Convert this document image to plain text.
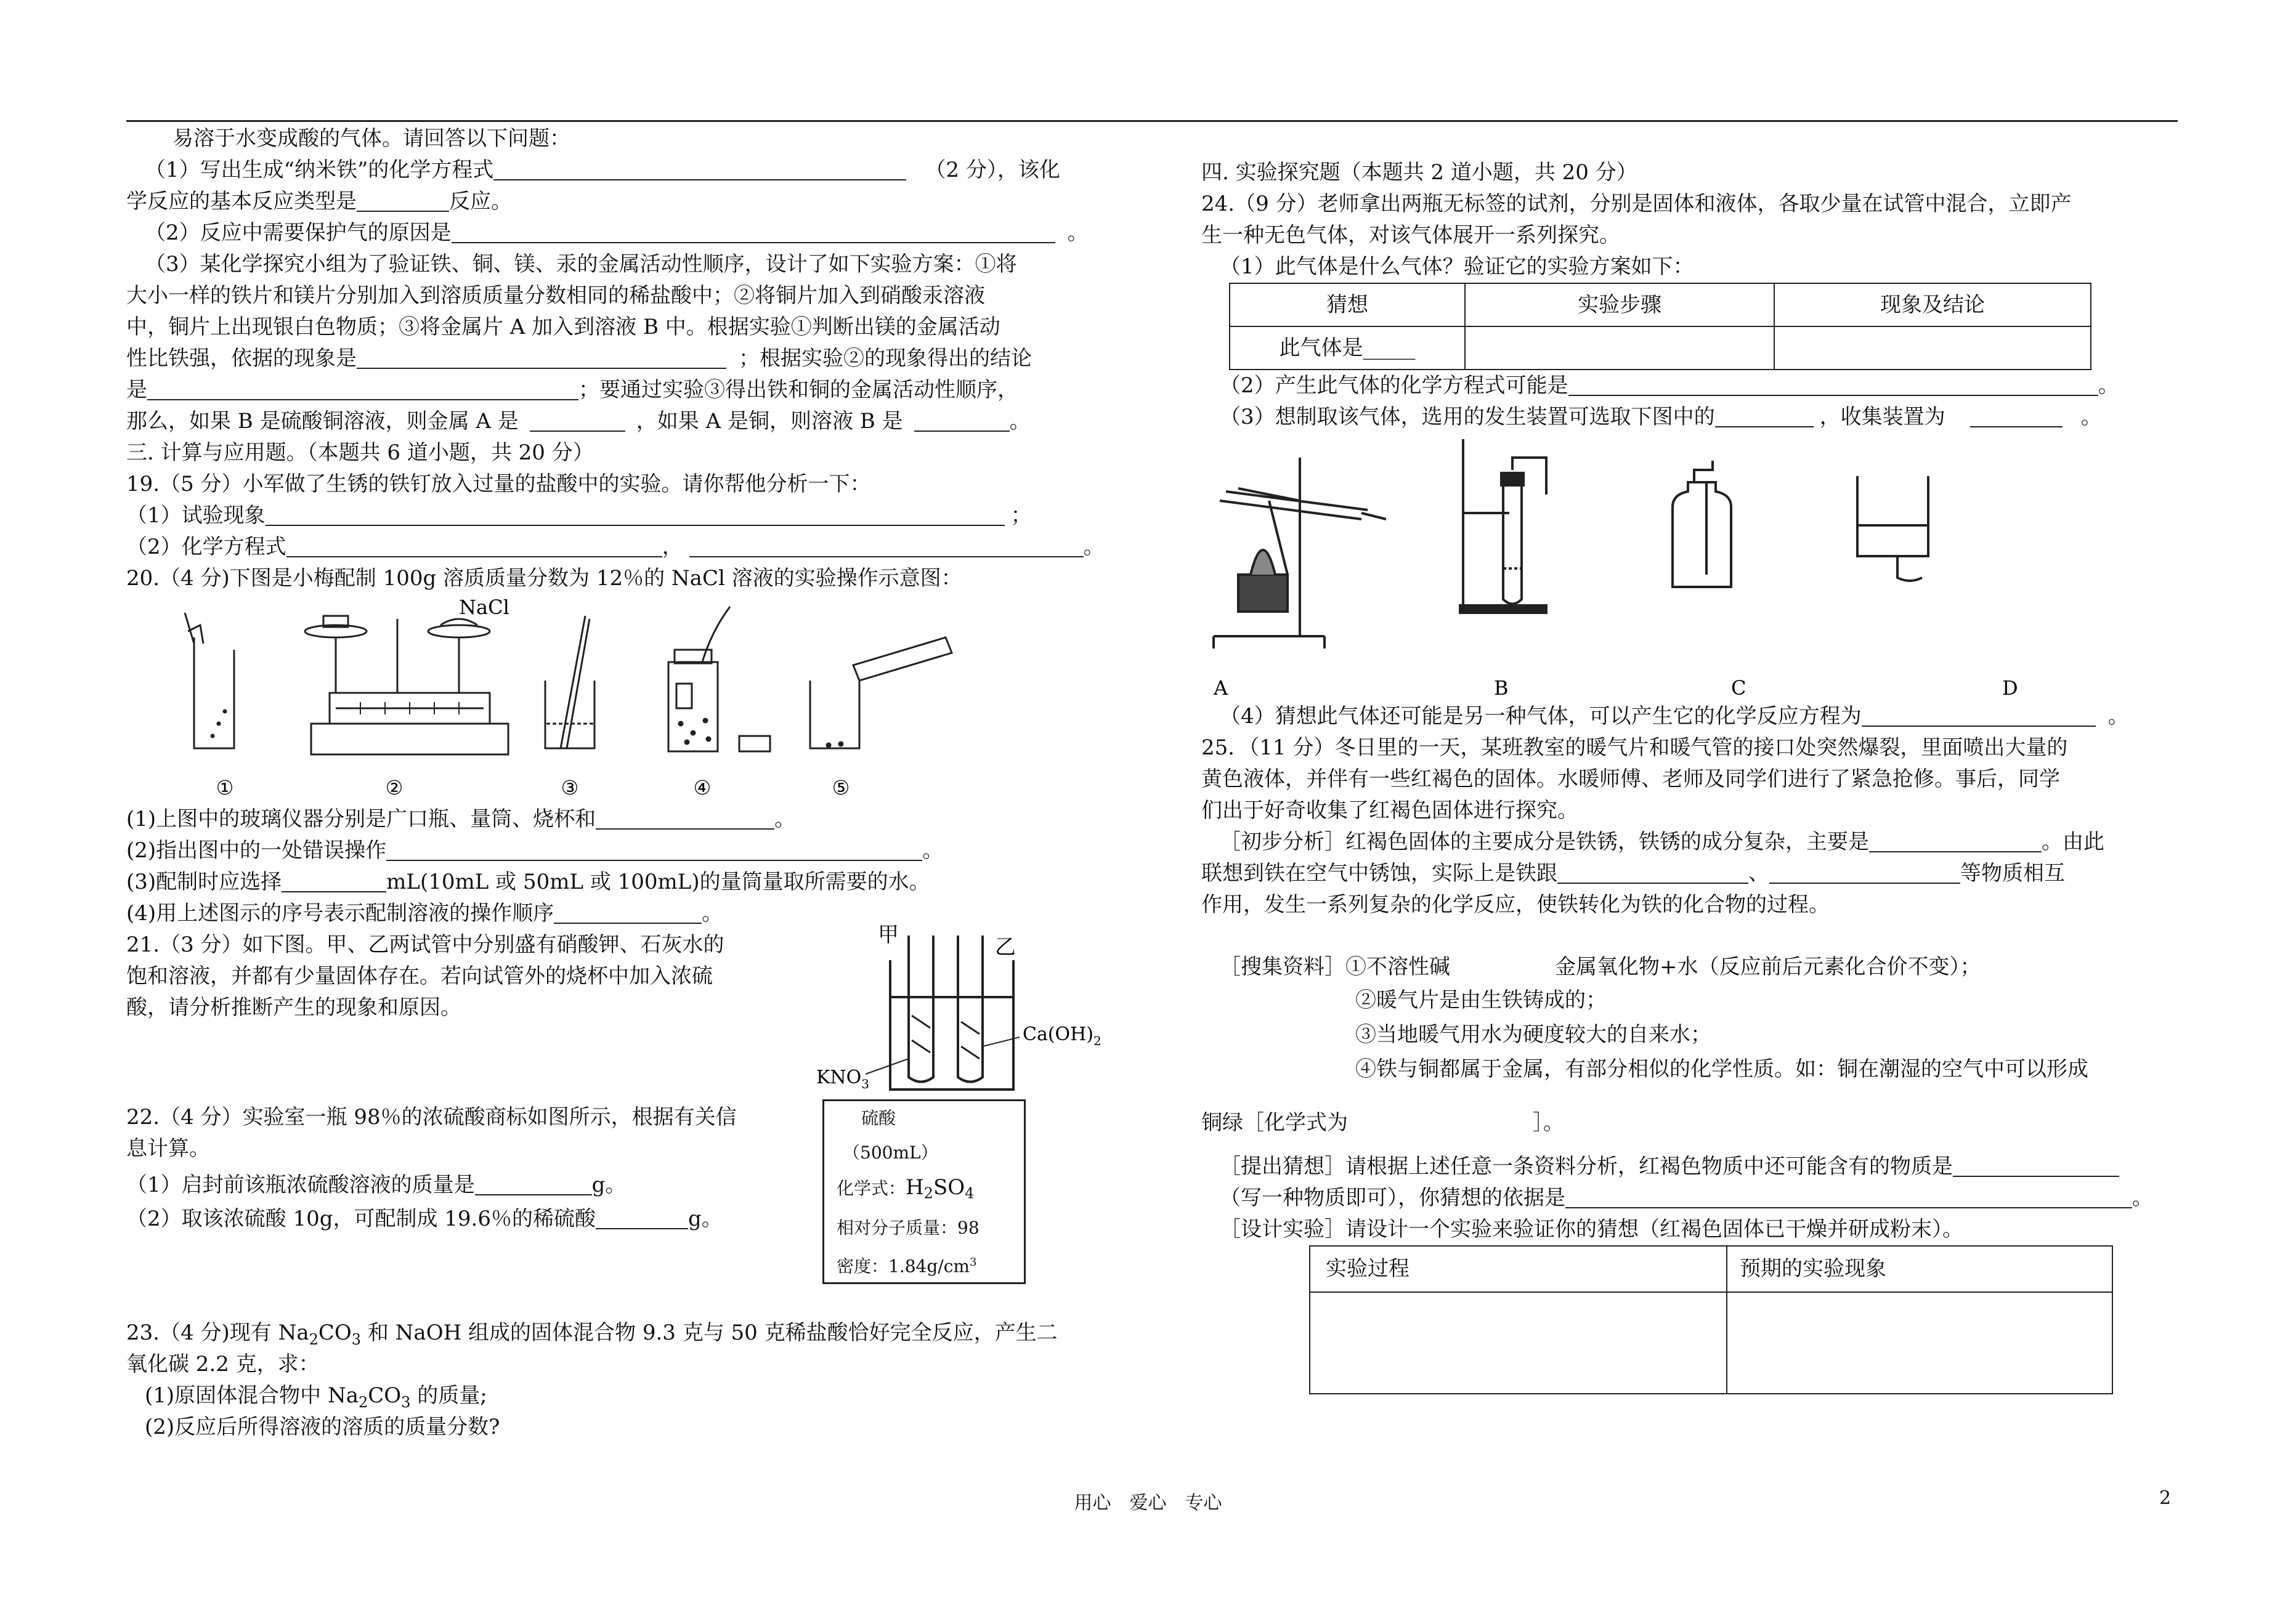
易溶于水变成酸的气体。请回答以下问题：
（1）写出生成“纳米铁”的化学方程式	（2 分），该化
学反应的基本反应类型是	反应。
（2）反应中需要保护气的原因是	。
（3）某化学探究小组为了验证铁、铜、镁、汞的金属活动性顺序，设计了如下实验方案：①将
大小一样的铁片和镁片分别加入到溶质质量分数相同的稀盐酸中；②将铜片加入到硝酸汞溶液
中，铜片上出现银白色物质；③将金属片 A 加入到溶液 B 中。根据实验①判断出镁的金属活动
性比铁强，依据的现象是	；根据实验②的现象得出的结论
是	；要通过实验③得出铁和铜的金属活动性顺序，
那么，如果 B 是硫酸铜溶液，则金属 A 是	，如果 A 是铜，则溶液 B 是	。
三. 计算与应用题。（本题共 6 道小题，共 20 分）
19.（5 分）小军做了生锈的铁钉放入过量的盐酸中的实验。请你帮他分析一下：
（1）试验现象	；
（2）化学方程式	，	。
20.（4 分)下图是小梅配制 100g 溶质质量分数为 12％的 NaCl 溶液的实验操作示意图：
NaCl
①	②	③	④	⑤
(1)上图中的玻璃仪器分别是广口瓶、量筒、烧杯和	。
(2)指出图中的一处错误操作	。
(3)配制时应选择	mL(10mL 或 50mL 或 100mL)的量筒量取所需要的水。
(4)用上述图示的序号表示配制溶液的操作顺序	。
21.（3 分）如下图。甲、乙两试管中分别盛有硝酸钾、石灰水的
饱和溶液，并都有少量固体存在。若向试管外的烧杯中加入浓硫
酸，请分析推断产生的现象和原因。
甲	乙
$KNO_3$
$Ca(OH)_2$
22.（4 分）实验室一瓶 98％的浓硫酸商标如图所示，根据有关信
息计算。
（1）启封前该瓶浓硫酸溶液的质量是	g。
（2）取该浓硫酸 10g，可配制成 19.6％的稀硫酸	g。
硫酸
（500mL）
化学式：$H_2SO_4$
相对分子质量：98
密度：$1.84g/cm^3$
23.（4 分)现有 $Na_2CO_3$ 和 NaOH 组成的固体混合物 9.3 克与 50 克稀盐酸恰好完全反应，产生二
氧化碳 2.2 克，求：
(1)原固体混合物中 $Na_2CO_3$ 的质量;
(2)反应后所得溶液的溶质的质量分数?
四. 实验探究题（本题共 2 道小题，共 20 分）
24.（9 分）老师拿出两瓶无标签的试剂，分别是固体和液体，各取少量在试管中混合，立即产
生一种无色气体，对该气体展开一系列探究。
（1）此气体是什么气体？验证它的实验方案如下：
猜想	实验步骤	现象及结论
此气体是_____		
（2）产生此气体的化学方程式可能是	。
（3）想制取该气体，选用的发生装置可选取下图中的	，收集装置为	。
A	B	C	D
（4）猜想此气体还可能是另一种气体，可以产生它的化学反应方程为	。
25．（11 分）冬日里的一天，某班教室的暖气片和暖气管的接口处突然爆裂，里面喷出大量的
黄色液体，并伴有一些红褐色的固体。水暖师傅、老师及同学们进行了紧急抢修。事后，同学
们出于好奇收集了红褐色固体进行探究。
［初步分析］红褐色固体的主要成分是铁锈，铁锈的成分复杂，主要是	。由此
联想到铁在空气中锈蚀，实际上是铁跟	、	等物质相互
作用，发生一系列复杂的化学反应，使铁转化为铁的化合物的过程。
［搜集资料］①不溶性碱	金属氧化物+水（反应前后元素化合价不变）；
②暖气片是由生铁铸成的；
③当地暖气用水为硬度较大的自来水；
④铁与铜都属于金属，有部分相似的化学性质。如：铜在潮湿的空气中可以形成
铜绿［化学式为	］。
［提出猜想］请根据上述任意一条资料分析，红褐色物质中还可能含有的物质是
（写一种物质即可），你猜想的依据是	。
［设计实验］请设计一个实验来验证你的猜想（红褐色固体已干燥并研成粉末）。
实验过程	预期的实验现象

用心　爱心　专心	2
